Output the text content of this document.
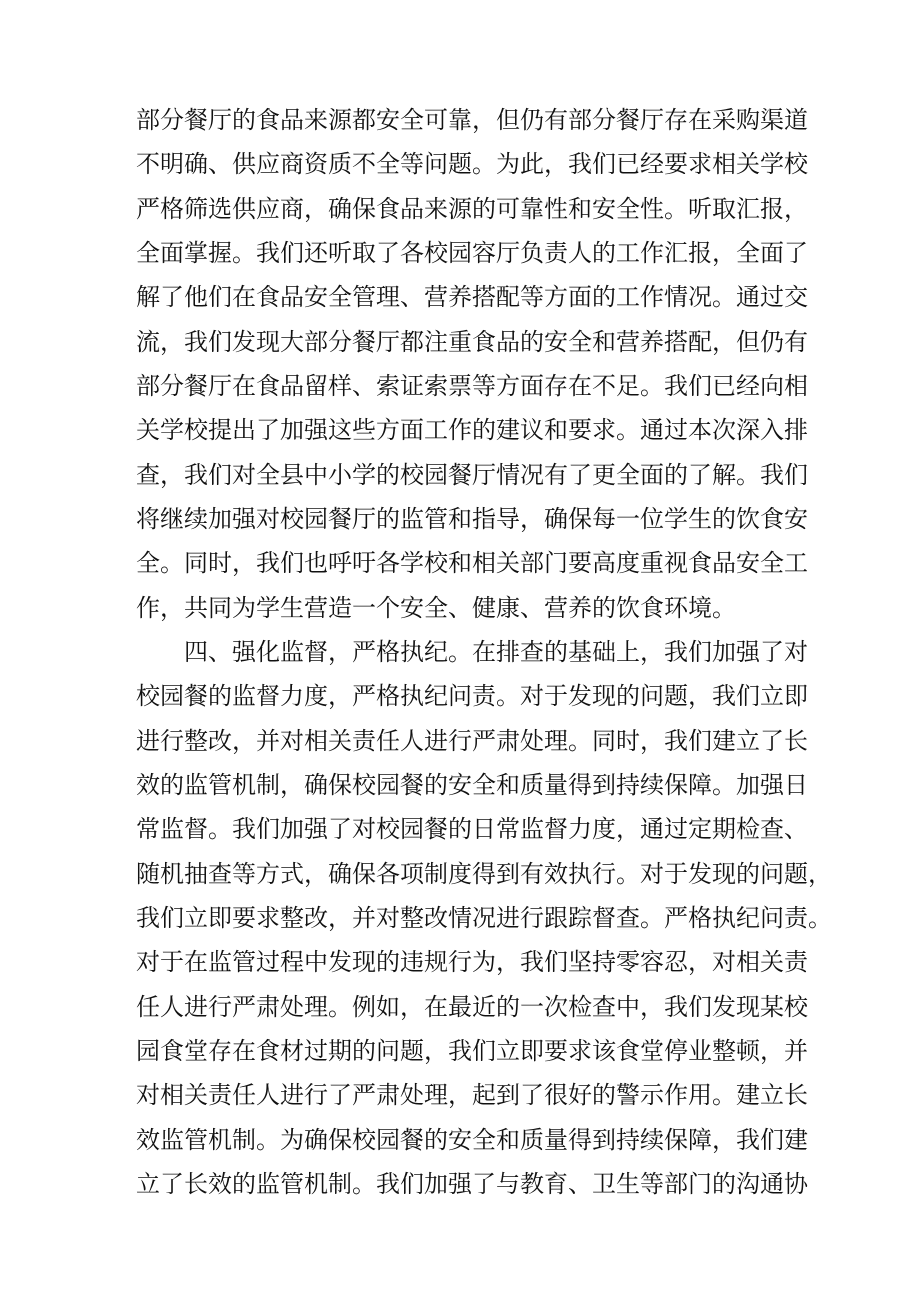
部分餐厅的食品来源都安全可靠，但仍有部分餐厅存在采购渠道
不明确、供应商资质不全等问题。为此，我们已经要求相关学校
严格筛选供应商，确保食品来源的可靠性和安全性。听取汇报，
全面掌握。我们还听取了各校园容厅负责人的工作汇报，全面了
解了他们在食品安全管理、营养搭配等方面的工作情况。通过交
流，我们发现大部分餐厅都注重食品的安全和营养搭配，但仍有
部分餐厅在食品留样、索证索票等方面存在不足。我们已经向相
关学校提出了加强这些方面工作的建议和要求。通过本次深入排
查，我们对全县中小学的校园餐厅情况有了更全面的了解。我们
将继续加强对校园餐厅的监管和指导，确保每一位学生的饮食安
全。同时，我们也呼吁各学校和相关部门要高度重视食品安全工
作，共同为学生营造一个安全、健康、营养的饮食环境。
四、强化监督，严格执纪。在排查的基础上，我们加强了对
校园餐的监督力度，严格执纪问责。对于发现的问题，我们立即
进行整改，并对相关责任人进行严肃处理。同时，我们建立了长
效的监管机制，确保校园餐的安全和质量得到持续保障。加强日
常监督。我们加强了对校园餐的日常监督力度，通过定期检查、
随机抽查等方式，确保各项制度得到有效执行。对于发现的问题，
我们立即要求整改，并对整改情况进行跟踪督查。严格执纪问责。
对于在监管过程中发现的违规行为，我们坚持零容忍，对相关责
任人进行严肃处理。例如，在最近的一次检查中，我们发现某校
园食堂存在食材过期的问题，我们立即要求该食堂停业整顿，并
对相关责任人进行了严肃处理，起到了很好的警示作用。建立长
效监管机制。为确保校园餐的安全和质量得到持续保障，我们建
立了长效的监管机制。我们加强了与教育、卫生等部门的沟通协
